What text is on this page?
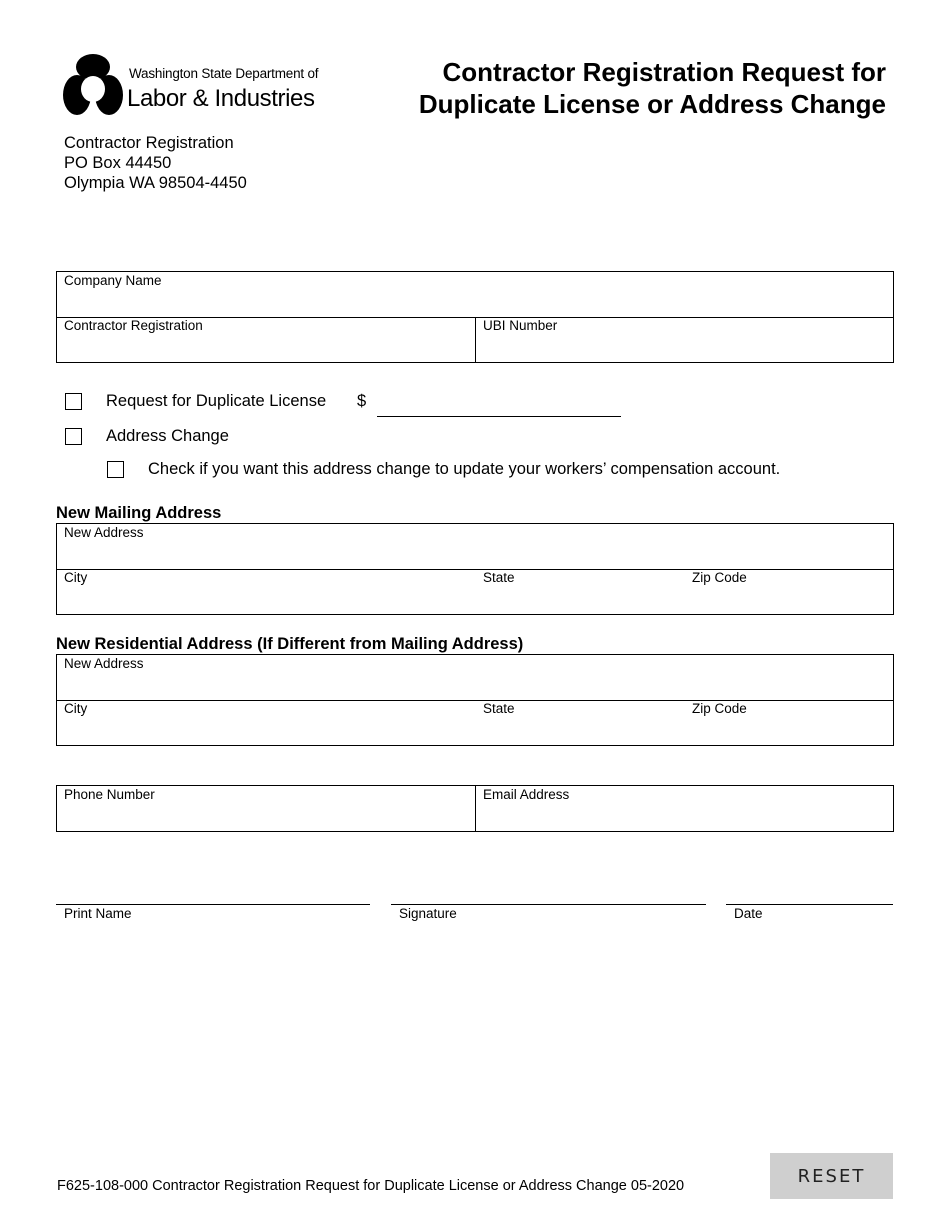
Washington State Department of
Labor & Industries
Contractor Registration Request for
Duplicate License or Address Change
Contractor Registration
PO Box 44450
Olympia WA 98504-4450
Company Name
Contractor Registration	UBI Number
Request for Duplicate License $
Address Change
Check if you want this address change to update your workers’ compensation account.
New Mailing Address
New Address
City	State	Zip Code
New Residential Address (If Different from Mailing Address)
New Address
City	State	Zip Code
Phone Number	Email Address
Print Name	Signature	Date
F625-108-000 Contractor Registration Request for Duplicate License or Address Change 05-2020	RESET
